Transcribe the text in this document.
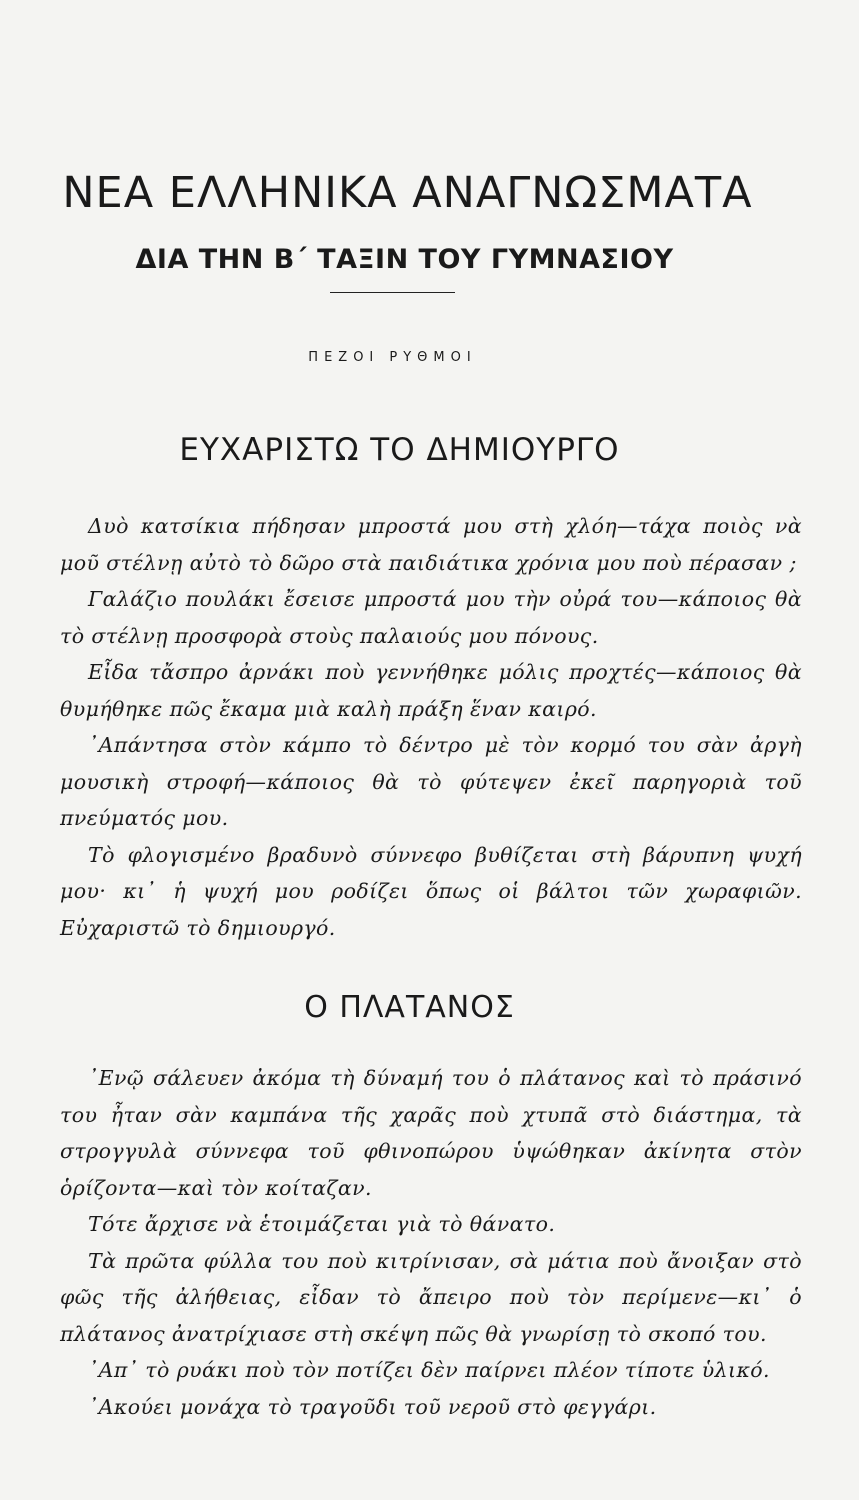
ΝΕΑ ΕΛΛΗΝΙΚΑ ΑΝΑΓΝΩΣΜΑΤΑ
ΔΙΑ ΤΗΝ Β΄ ΤΑΞΙΝ ΤΟΥ ΓΥΜΝΑΣΙΟΥ
ΠΕΖΟΙ ΡΥΘΜΟΙ
ΕΥΧΑΡΙΣΤΩ ΤΟ ΔΗΜΙΟΥΡΓΟ

Δυὸ κατσίκια πήδησαν μπροστά μου στὴ χλόη—τάχα ποιὸς νὰ μοῦ στέλνῃ αὐτὸ τὸ δῶρο στὰ παιδιάτικα χρόνια μου ποὺ πέρασαν ;

Γαλάζιο πουλάκι ἔσεισε μπροστά μου τὴν οὐρά του—κάποιος θὰ τὸ στέλνῃ προσφορὰ στοὺς παλαιούς μου πόνους.

Εἶδα τἄσπρο ἀρνάκι ποὺ γεννήθηκε μόλις προχτές—κάποιος θὰ θυμήθηκε πῶς ἔκαμα μιὰ καλὴ πράξη ἕναν καιρό.

᾿Απάντησα στὸν κάμπο τὸ δέντρο μὲ τὸν κορμό του σὰν ἀργὴ μουσικὴ στροφή—κάποιος θὰ τὸ φύτεψεν ἐκεῖ παρηγοριὰ τοῦ πνεύματός μου.

Τὸ φλογισμένο βραδυνὸ σύννεφο βυθίζεται στὴ βάρυπνη ψυχή μου· κι᾿ ἡ ψυχή μου ροδίζει ὅπως οἱ βάλτοι τῶν χωραφιῶν. Εὐχαριστῶ τὸ δημιουργό.

Ο ΠΛΑΤΑΝΟΣ

᾿Ενῷ σάλευεν ἀκόμα τὴ δύναμή του ὁ πλάτανος καὶ τὸ πράσινό του ἦταν σὰν καμπάνα τῆς χαρᾶς ποὺ χτυπᾶ στὸ διάστημα, τὰ στρογγυλὰ σύννεφα τοῦ φθινοπώρου ὑψώθηκαν ἀκίνητα στὸν ὁρίζοντα—καὶ τὸν κοίταζαν.

Τότε ἄρχισε νὰ ἑτοιμάζεται γιὰ τὸ θάνατο.

Τὰ πρῶτα φύλλα του ποὺ κιτρίνισαν, σὰ μάτια ποὺ ἄνοιξαν στὸ φῶς τῆς ἀλήθειας, εἶδαν τὸ ἄπειρο ποὺ τὸν περίμενε—κι᾿ ὁ πλάτανος ἀνατρίχιασε στὴ σκέψη πῶς θὰ γνωρίσῃ τὸ σκοπό του.

᾿Απ᾿ τὸ ρυάκι ποὺ τὸν ποτίζει δὲν παίρνει πλέον τίποτε ὑλικό.

᾿Ακούει μονάχα τὸ τραγοῦδι τοῦ νεροῦ στὸ φεγγάρι.
